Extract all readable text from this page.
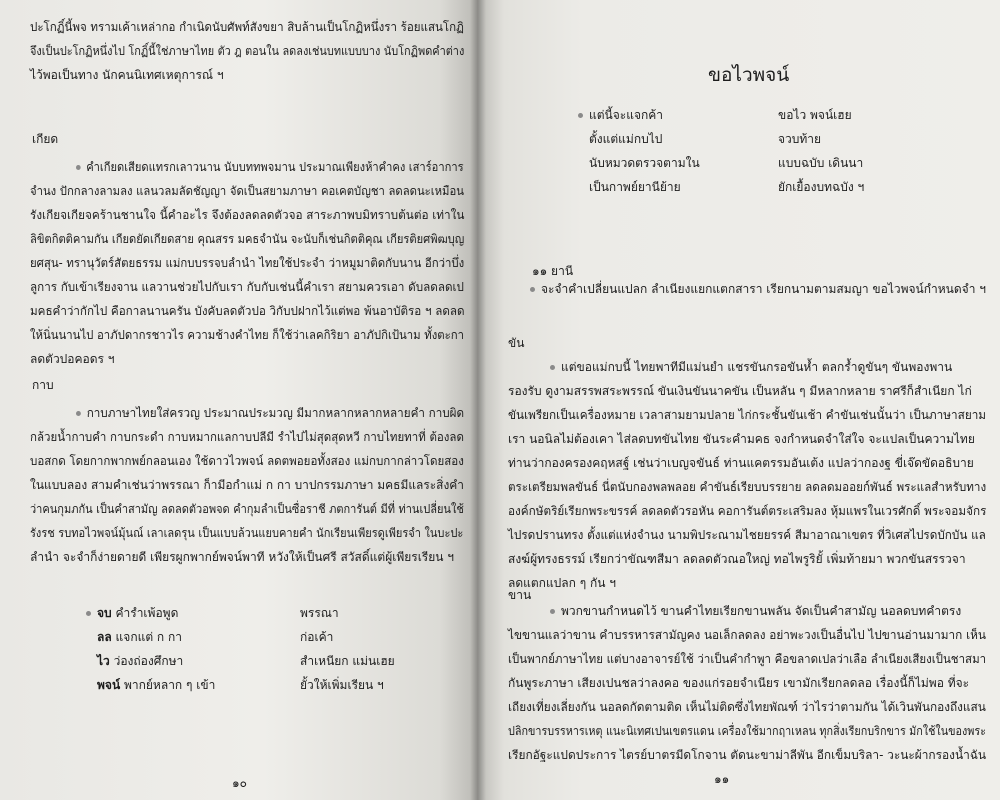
ปะโกฏิ์นี้พจ ทรามเค้าเหล่ากอ กำเนิดนับศัพท์สังขยา สิบล้านเป็นโกฏิหนึ่งรา ร้อยแสนโกฏิ
จึงเป็นปะโกฏิหนึ่งไป โกฏิ์นี้ใช่ภาษาไทย ตัว ฎ ตอนใน ลดลงเช่นบทแบบบาง นับโกฏิพดคำต่าง
ไว้พอเป็นทาง นักคนนิเทศเหตุการณ์ ฯ
เกียด
คำเกียดเสียดแทรกเลาวนาน นับบททพจมาน ประมาณเพียงห้าคำคง เสาร์อาการ
จำนง ปักกลางลามลง แลนวลมลัดชัญญา จัดเป็นสยามภาษา คอเคตบัญชา ลดลดนะเหมือน
รังเกียจเกียจคร้านชานใจ นี้คำอะไร จึงต้องลดลดตัวจอ สาระภาพบมิทราบต้นต่อ เท่าใน
ลิขิตกิตติคามกัน เกียดยัดเกียดสาย คุณสรร มคธจำนัน จะนับก็เช่นกิตติคุณ เกียรติยศพิฒบุญ
ยศสุน- ทรานุวัตร์สัตยธรรม แม่กบบรรจบลำนำ ไทยใช้ประจำ ว่าหมูมาติดกับนาน อีกว่าบึ่ง
ลูการ กับเข้าเรียงจาน แลวานช่วยไปกับเรา กับกับเช่นนี้คำเรา สยามควรเอา ดับลดลดเป
มคธคำว่ากักไป คือกาลนานครัน บังคับลดตัวปอ วิกับปฝากไว้แต่พอ พ้นอาบัติรอ ฯ ลดลด
ให้นิ่นนานไป อาภัปดากรชาวไร ความช้างคำไทย ก็ใช้ว่าเลคกิริยา อาภัปกิเป้นาม ทั้งตะกา
ลดตัวปอคอดร ฯ
กาบ
กาบภาษาไทยใส่ครวญ ประมาณประมวญ มีมากหลากหลากหลายคำ กาบผิด
กล้วยน้ำกาบคำ กาบกระดำ กาบหมากแลกาบปลีมี รำไปไม่สุดสุดหวี กาบไทยทาที่ ต้องลด
บอสกด โดยกากพากพย์กลอนเอง ใช้ดาวไวพจน์ ลดตพอยอทั้งสอง แม่กบกากล่าวโดยสอง
ในแบบลอง สามคำเช่นว่าพรรณา ก็ามีอกำแม่ ก กา บาปกรรมภาษา มคธมีแลระสิ่งคำ
ว่าคนกุมภกัน เป็นคำสามัญ ลดลดตัวอพจด คำกุมลำเป็นซื่อราชี ภตการันต์ มีที่ ท่านเปลี่ยนใช้
รังรช รบทอไวพจน์มุ้นณ์ เลาเลดรุน เป็นแบบล้วนแยบคายคำ นักเรียนเพียรดูเพียรจำ ในบะปะ
ลำนำ จะจำก็ง่ายดายดี เพียรผูกพากย์พจน์พาที หวังให้เป็นศรี สวัสดิ์แต่ผู้เพียรเรียน ฯ
จบ คำรำเพ้อพูด	พรรณา
ลล แจกแต่ ก กา	ก่อเค้า
ไว ว่องถ่องศึกษา	สำเหนียก แม่นเฮย
พจน์ พากย์หลาก ๆ เข้า	ยั้วให้เพิ่มเรียน ฯ
๑๐
ขอไวพจน์
แต่นี้จะแจกค้า	ขอไว พจน์เฮย
ตั้งแต่แม่กบไป	จวบท้าย
นับหมวดตรวจตามใน	แบบฉบับ เดินนา
เป็นกาพย์ยานีย้าย	ยักเยื้องบทฉบัง ฯ
๑๑ ยานี
จะจำคำเปลี่ยนแปลก ลำเนียงแยกแตกสารา เรียกนามตามสมญา ขอไวพจน์กำหนดจำ ฯ
ขัน
แต่ขอแม่กบนี้ ไทยพาทีมีแม่นยำ แชรขันกรอขันห้ำ ตลกร้ำดูขันๆ ขันพองพาน
รองรับ ดูงามสรรพสระพรรณ์ ขันเงินขันนาคขัน เป็นหลัน ๆ มีหลากหลาย ราศรีก็สำเนียก ไก่
ขันเพรียกเป็นเครื่องหมาย เวลาสามยามปลาย ไก่กระชั้นขันเช้า คำขันเช่นนั้นว่า เป็นภาษาสยาม
เรา นอนิลไม่ต้องเคา ไส่ลดบทขันไทย ขันระคำมคธ จงกำหนดจำใส่ใจ จะแปลเป็นความไทย
ท่านว่ากองครองคฤหสฐ์ เช่นว่าเบญจขันธ์ ท่านแคตรรมอันเต้ง แปลว่ากองฐ ขี่เจ๊ดขัดอธิบาย
ตระเตรียมพลขันธ์ นี่ตนับกองพลพลอย คำขันธ์เรียบบรรยาย ลดลดมออยก์พันธ์ พระแลสำหรับทาง
องค์กษัตริย์เรียกพระขรรค์ ลดลดตัวรอหัน คอการันต์ตระเสริมลง หุ้มแพรในเวรศักดิ์ พระจอมจักร
ไปรดปรานทรง ตั้งแต่แห่งจำนง นามพิประณามไชยยรรค์ สีมาอาณาเขตร ที่วิเศสไปรดบักบัน แล
สงฆ์ผู้ทรงธรรม์ เรียกว่าขัณฑสีมา ลดลดตัวณอใหญ่ ทอไพรูริยั้ เพิ่มท้ายมา พวกขันสรรวจา
ลดแตกแปลก ๆ กัน ฯ
ขาน
พวกขานกำหนดไว้ ขานคำไทยเรียกขานพลัน จัดเป็นคำสามัญ นอลดบทคำตรง
ไขขานแลว่าขาน คำบรรหารสามัญคง นอเล็กลดลง อย่าพะวงเป็นอื่นไป ไปขานอ่านมามาก เห็น
เป็นพากย์ภาษาไทย แต่บางอาจารย์ใช้ ว่าเป็นคำกำพูา คือขลาดเปลว่าเลือ ลำเนียงเสียงเป็นชาสมา
กันพูระภาษา เสียงเปนชลว่าลงคอ ของแก่รอยจำเนียร เขามักเรียกลดลอ เรื่องนี้ก็ไม่พอ ที่จะ
เถียงเที่ยงเลี่ยงกัน นอลดกัดตามติด เห็นไม่ติดซึ่งไทยพัณฑ์ ว่าไรว่าตามกัน ได้เวินพันกองถึงแสน
ปลิกขารบรรหารเหตุ แนะนิเทศเปนเขตรแดน เครื่องใช้มากฤาเหลน ทุกสิ่งเรียกบริกขาร มักใช้ในของพระ
เรียกอัฐะแปดประการ ไตรย์บาตรมีดโกจาน ตัดนะขาม่าลีพัน อีกเข็มบริลา- วะนะผ้ากรองน้ำฉัน
๑๑
